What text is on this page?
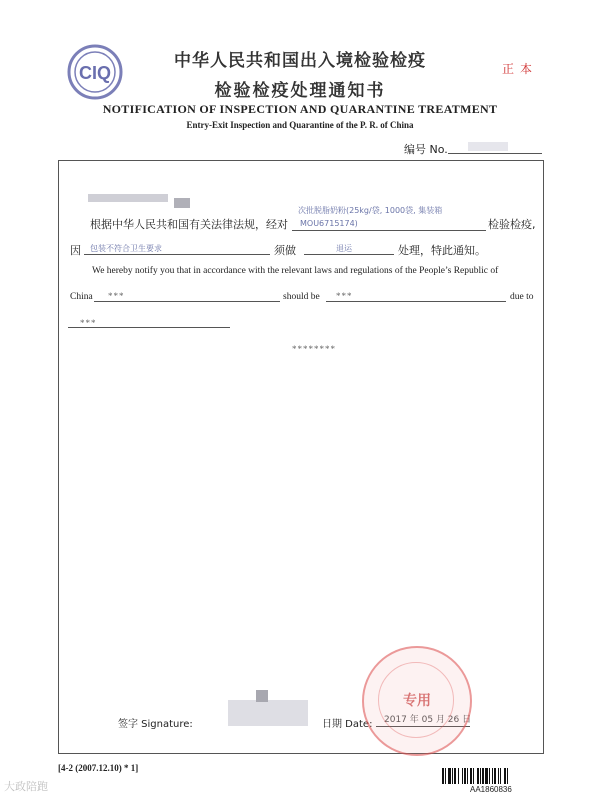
CIQ
中华人民共和国出入境检验检疫
检验检疫处理通知书
正本
NOTIFICATION OF INSPECTION AND QUARANTINE TREATMENT
Entry-Exit Inspection and Quarantine of the P. R. of China
编号 No.
根据中华人民共和国有关法律法规，经对
次批脱脂奶粉(25kg/袋, 1000袋, 集装箱
MOU6715174)	检验检疫,
因 包装不符合卫生要求	须做	退运	处理，特此通知。
We hereby notify you that in accordance with the relevant laws and regulations of the People’s Republic of
China ***	should be ***	due to
***
********
签字 Signature:	日期 Date: 2017 年 05 月 26 日
专用
[4-2 (2007.12.10) * 1]
AA1860836
大政陪跑
